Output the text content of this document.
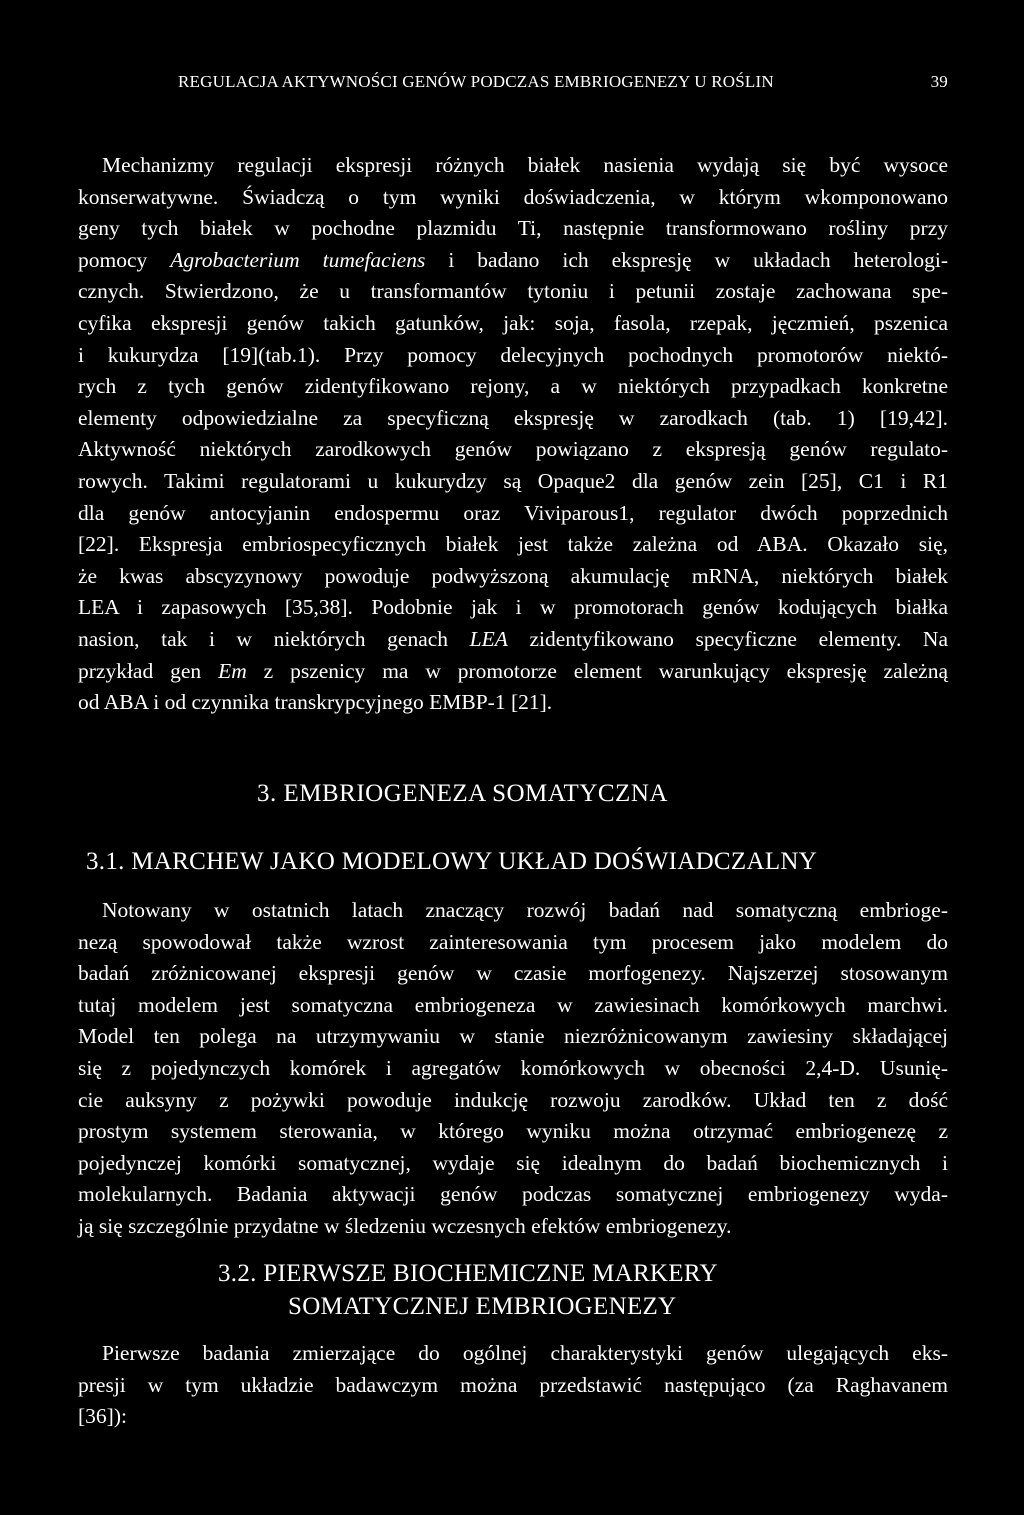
REGULACJA AKTYWNOŚCI GENÓW PODCZAS EMBRIOGENEZY U ROŚLIN	39

Mechanizmy regulacji ekspresji różnych białek nasienia wydają się być wysoce
konserwatywne. Świadczą o tym wyniki doświadczenia, w którym wkomponowano
geny tych białek w pochodne plazmidu Ti, następnie transformowano rośliny przy
pomocy Agrobacterium tumefaciens i badano ich ekspresję w układach heterologi-
cznych. Stwierdzono, że u transformantów tytoniu i petunii zostaje zachowana spe-
cyfika ekspresji genów takich gatunków, jak: soja, fasola, rzepak, jęczmień, pszenica
i kukurydza [19](tab.1). Przy pomocy delecyjnych pochodnych promotorów niektó-
rych z tych genów zidentyfikowano rejony, a w niektórych przypadkach konkretne
elementy odpowiedzialne za specyficzną ekspresję w zarodkach (tab. 1) [19,42].
Aktywność niektórych zarodkowych genów powiązano z ekspresją genów regulato-
rowych. Takimi regulatorami u kukurydzy są Opaque2 dla genów zein [25], C1 i R1
dla genów antocyjanin endospermu oraz Viviparous1, regulator dwóch poprzednich
[22]. Ekspresja embriospecyficznych białek jest także zależna od ABA. Okazało się,
że kwas abscyzynowy powoduje podwyższoną akumulację mRNA, niektórych białek
LEA i zapasowych [35,38]. Podobnie jak i w promotorach genów kodujących białka
nasion, tak i w niektórych genach LEA zidentyfikowano specyficzne elementy. Na
przykład gen Em z pszenicy ma w promotorze element warunkujący ekspresję zależną
od ABA i od czynnika transkrypcyjnego EMBP-1 [21].

3. EMBRIOGENEZA SOMATYCZNA
3.1. MARCHEW JAKO MODELOWY UKŁAD DOŚWIADCZALNY

Notowany w ostatnich latach znaczący rozwój badań nad somatyczną embrioge-
nezą spowodował także wzrost zainteresowania tym procesem jako modelem do
badań zróżnicowanej ekspresji genów w czasie morfogenezy. Najszerzej stosowanym
tutaj modelem jest somatyczna embriogeneza w zawiesinach komórkowych marchwi.
Model ten polega na utrzymywaniu w stanie niezróżnicowanym zawiesiny składającej
się z pojedynczych komórek i agregatów komórkowych w obecności 2,4-D. Usunię-
cie auksyny z pożywki powoduje indukcję rozwoju zarodków. Układ ten z dość
prostym systemem sterowania, w którego wyniku można otrzymać embriogenezę z
pojedynczej komórki somatycznej, wydaje się idealnym do badań biochemicznych i
molekularnych. Badania aktywacji genów podczas somatycznej embriogenezy wyda-
ją się szczególnie przydatne w śledzeniu wczesnych efektów embriogenezy.

3.2. PIERWSZE BIOCHEMICZNE MARKERY
SOMATYCZNEJ EMBRIOGENEZY

Pierwsze badania zmierzające do ogólnej charakterystyki genów ulegających eks-
presji w tym układzie badawczym można przedstawić następująco (za Raghavanem
[36]):
